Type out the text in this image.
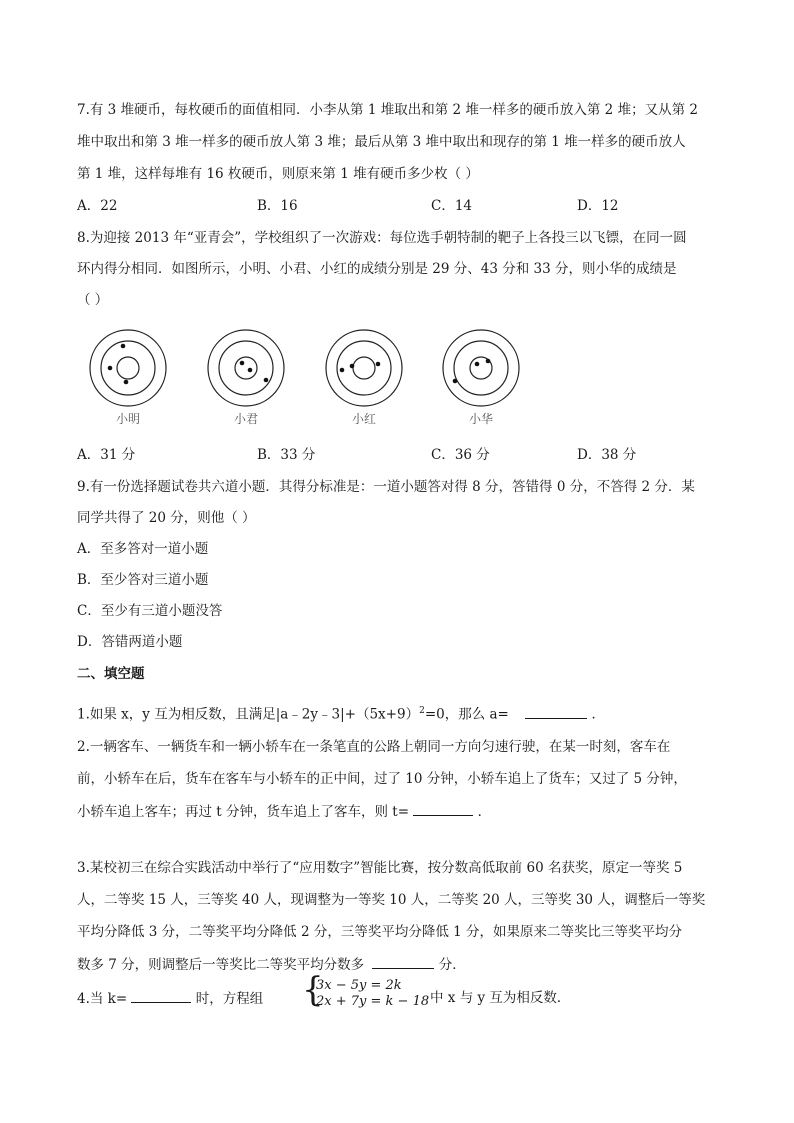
7.有 3 堆硬币，每枚硬币的面值相同．小李从第 1 堆取出和第 2 堆一样多的硬币放入第 2 堆；又从第 2
堆中取出和第 3 堆一样多的硬币放人第 3 堆；最后从第 3 堆中取出和现存的第 1 堆一样多的硬币放人
第 1 堆，这样每堆有 16 枚硬币，则原来第 1 堆有硬币多少枚（ ）
A．22	B．16	C．14	D．12
8.为迎接 2013 年“亚青会”，学校组织了一次游戏：每位选手朝特制的靶子上各投三以飞镖，在同一圆
环内得分相同．如图所示，小明、小君、小红的成绩分别是 29 分、43 分和 33 分，则小华的成绩是
（ ）
小明	小君	小红	小华
A．31 分	B．33 分	C．36 分	D．38 分
9.有一份选择题试卷共六道小题．其得分标准是：一道小题答对得 8 分，答错得 0 分，不答得 2 分．某
同学共得了 20 分，则他（ ）
A．至多答对一道小题
B．至少答对三道小题
C．至少有三道小题没答
D．答错两道小题
二、填空题
1.如果 x，y 互为相反数，且满足$|a﹣2y﹣3|+(5x+9)^2=0$，那么 a=	．
2.一辆客车、一辆货车和一辆小轿车在一条笔直的公路上朝同一方向匀速行驶，在某一时刻，客车在
前，小轿车在后，货车在客车与小轿车的正中间，过了 10 分钟，小轿车追上了货车；又过了 5 分钟，
小轿车追上客车；再过 t 分钟，货车追上了客车，则 t=	．
3.某校初三在综合实践活动中举行了“应用数字”智能比赛，按分数高低取前 60 名获奖，原定一等奖 5
人，二等奖 15 人，三等奖 40 人，现调整为一等奖 10 人，二等奖 20 人，三等奖 30 人，调整后一等奖
平均分降低 3 分，二等奖平均分降低 2 分，三等奖平均分降低 1 分，如果原来二等奖比三等奖平均分
数多 7 分，则调整后一等奖比二等奖平均分数多	分．
4.当 k=	时，方程组 {
3x − 5y = 2k
2x + 7y = k − 18 中 x 与 y 互为相反数．
